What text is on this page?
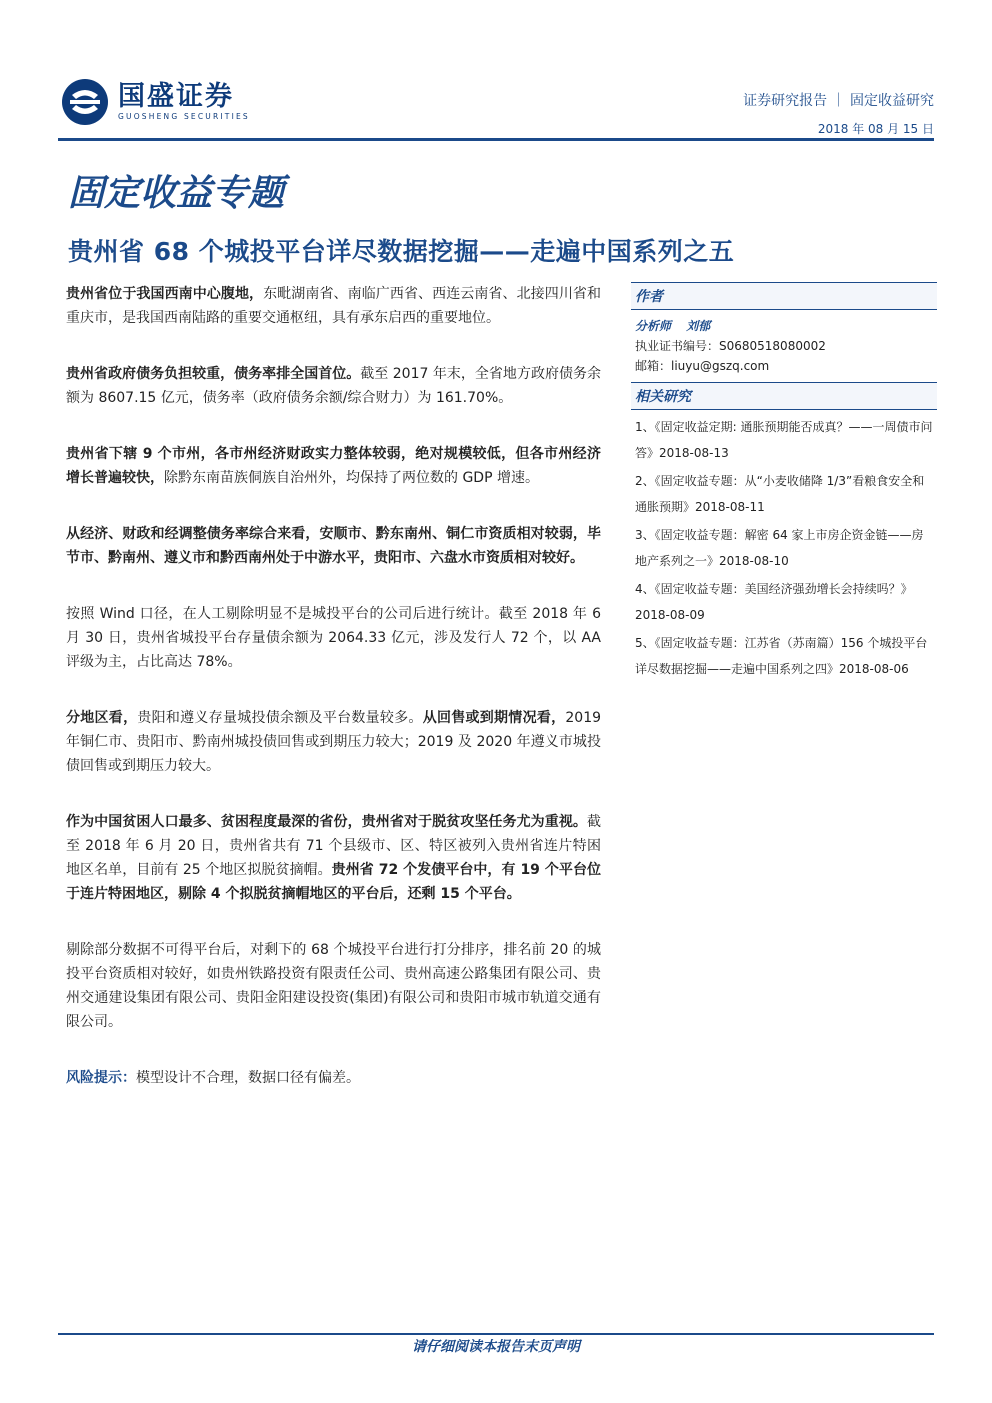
国盛证券
GUOSHENG SECURITIES
证券研究报告 ｜ 固定收益研究
2018 年 08 月 15 日
固定收益专题
贵州省 68 个城投平台详尽数据挖掘——走遍中国系列之五

贵州省位于我国西南中心腹地，东毗湖南省、南临广西省、西连云南省、北接四川省和重庆市，是我国西南陆路的重要交通枢纽，具有承东启西的重要地位。

贵州省政府债务负担较重，债务率排全国首位。截至 2017 年末，全省地方政府债务余额为 8607.15 亿元，债务率（政府债务余额/综合财力）为 161.70%。

贵州省下辖 9 个市州，各市州经济财政实力整体较弱，绝对规模较低，但各市州经济增长普遍较快，除黔东南苗族侗族自治州外，均保持了两位数的 GDP 增速。

从经济、财政和经调整债务率综合来看，安顺市、黔东南州、铜仁市资质相对较弱，毕节市、黔南州、遵义市和黔西南州处于中游水平，贵阳市、六盘水市资质相对较好。

按照 Wind 口径，在人工剔除明显不是城投平台的公司后进行统计。截至 2018 年 6 月 30 日，贵州省城投平台存量债余额为 2064.33 亿元，涉及发行人 72 个，以 AA 评级为主，占比高达 78%。

分地区看，贵阳和遵义存量城投债余额及平台数量较多。从回售或到期情况看，2019 年铜仁市、贵阳市、黔南州城投债回售或到期压力较大；2019 及 2020 年遵义市城投债回售或到期压力较大。

作为中国贫困人口最多、贫困程度最深的省份，贵州省对于脱贫攻坚任务尤为重视。截至 2018 年 6 月 20 日，贵州省共有 71 个县级市、区、特区被列入贵州省连片特困地区名单，目前有 25 个地区拟脱贫摘帽。贵州省 72 个发债平台中，有 19 个平台位于连片特困地区，剔除 4 个拟脱贫摘帽地区的平台后，还剩 15 个平台。

剔除部分数据不可得平台后，对剩下的 68 个城投平台进行打分排序，排名前 20 的城投平台资质相对较好，如贵州铁路投资有限责任公司、贵州高速公路集团有限公司、贵州交通建设集团有限公司、贵阳金阳建设投资(集团)有限公司和贵阳市城市轨道交通有限公司。

风险提示：模型设计不合理，数据口径有偏差。

作者
分析师 刘郁
执业证书编号：S0680518080002
邮箱：liuyu@gszq.com
相关研究
1、《固定收益定期: 通胀预期能否成真？——一周债市问答》2018-08-13
2、《固定收益专题：从“小麦收储降 1/3”看粮食安全和通胀预期》2018-08-11
3、《固定收益专题：解密 64 家上市房企资金链——房地产系列之一》2018-08-10
4、《固定收益专题：美国经济强劲增长会持续吗？》2018-08-09
5、《固定收益专题：江苏省（苏南篇）156 个城投平台详尽数据挖掘——走遍中国系列之四》2018-08-06
请仔细阅读本报告末页声明
